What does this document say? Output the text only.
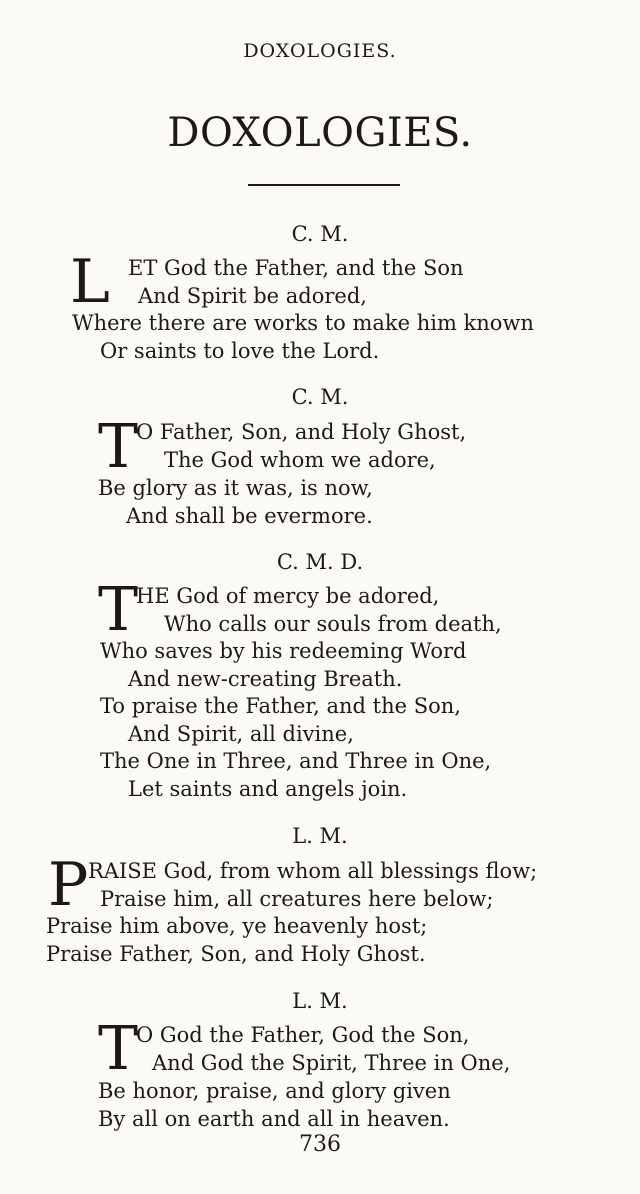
DOXOLOGIES.
DOXOLOGIES.
C. M.
L ET God the Father, and the Son
And Spirit be adored,
Where there are works to make him known
Or saints to love the Lord.
C. M.
T
O Father, Son, and Holy Ghost,
The God whom we adore,
Be glory as it was, is now,
And shall be evermore.
C. M. D.
T
HE God of mercy be adored,
Who calls our souls from death,
Who saves by his redeeming Word
And new-creating Breath.
To praise the Father, and the Son,
And Spirit, all divine,
The One in Three, and Three in One,
Let saints and angels join.
L. M.
P RAISE God, from whom all blessings flow;
Praise him, all creatures here below;
Praise him above, ye heavenly host;
Praise Father, Son, and Holy Ghost.
L. M.
T
O God the Father, God the Son,
And God the Spirit, Three in One,
Be honor, praise, and glory given
By all on earth and all in heaven.
736
